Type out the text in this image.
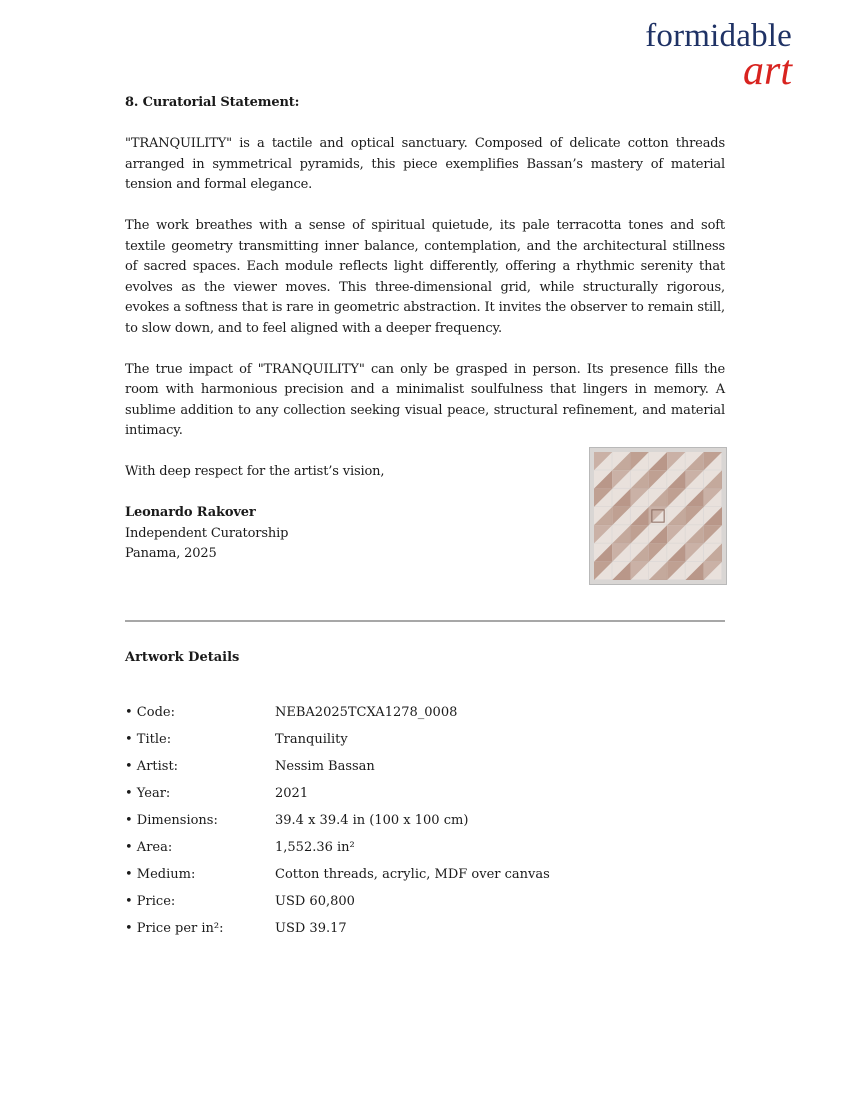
formidable
art

8. Curatorial Statement:

"TRANQUILITY" is a tactile and optical sanctuary. Composed of delicate cotton threads arranged in symmetrical pyramids, this piece exemplifies Bassan’s mastery of material tension and formal elegance.

The work breathes with a sense of spiritual quietude, its pale terracotta tones and soft textile geometry transmitting inner balance, contemplation, and the architectural stillness of sacred spaces. Each module reflects light differently, offering a rhythmic serenity that evolves as the viewer moves. This three-dimensional grid, while structurally rigorous, evokes a softness that is rare in geometric abstraction. It invites the observer to remain still, to slow down, and to feel aligned with a deeper frequency.

The true impact of "TRANQUILITY" can only be grasped in person. Its presence fills the room with harmonious precision and a minimalist soulfulness that lingers in memory. A sublime addition to any collection seeking visual peace, structural refinement, and material intimacy.

With deep respect for the artist’s vision,

Leonardo Rakover

Independent Curatorship

Panama, 2025

Artwork Details
• Code:	NEBA2025TCXA1278_0008
• Title:	Tranquility
• Artist:	Nessim Bassan
• Year:	2021
• Dimensions:	39.4 x 39.4 in (100 x 100 cm)
• Area:	1,552.36 in²
• Medium:	Cotton threads, acrylic, MDF over canvas
• Price:	USD 60,800
• Price per in²:	USD 39.17
